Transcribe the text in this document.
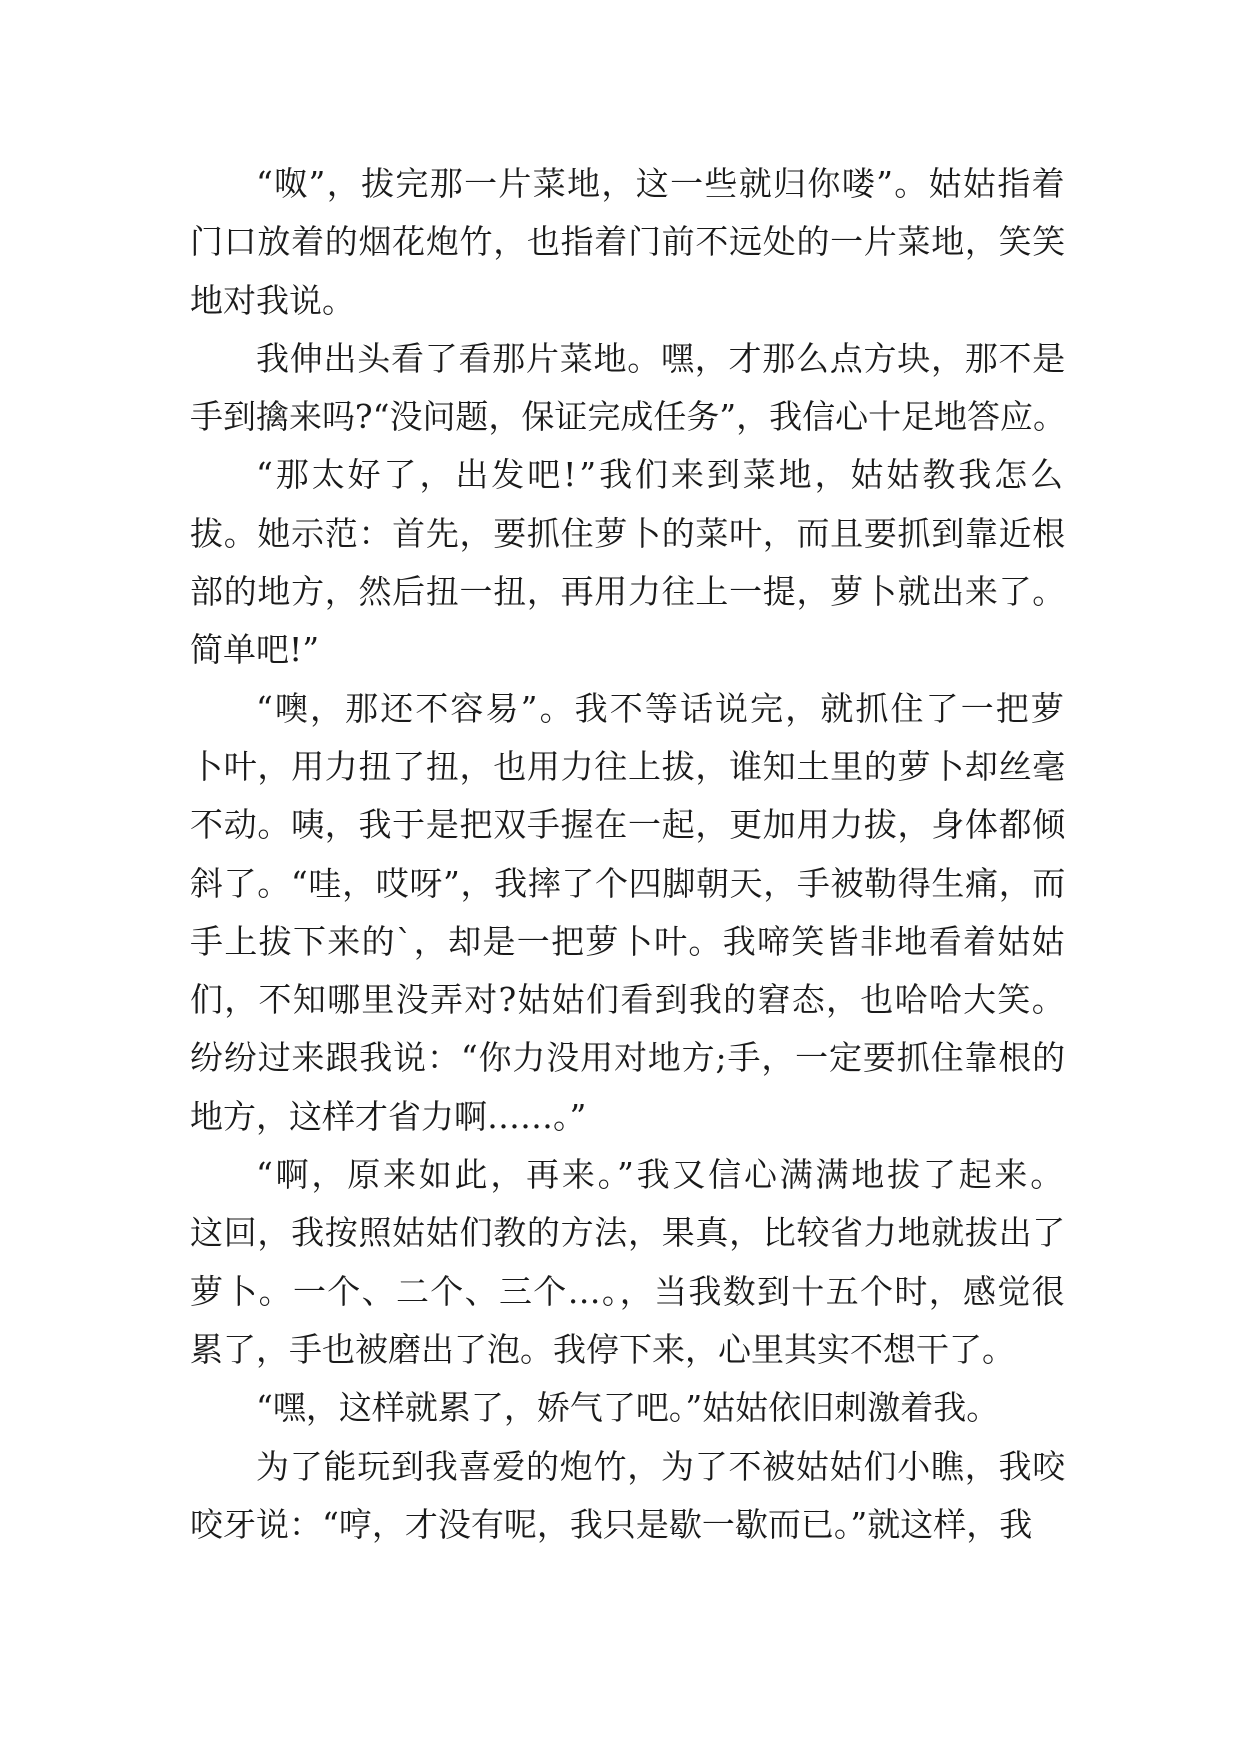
“呶”，拔完那一片菜地，这一些就归你喽”。姑姑指着
门口放着的烟花炮竹，也指着门前不远处的一片菜地，笑笑
地对我说。
我伸出头看了看那片菜地。嘿，才那么点方块，那不是
手到擒来吗?“没问题，保证完成任务”，我信心十足地答应。
“那太好了，出发吧!”我们来到菜地，姑姑教我怎么
拔。她示范：首先，要抓住萝卜的菜叶，而且要抓到靠近根
部的地方，然后扭一扭，再用力往上一提，萝卜就出来了。
简单吧!”
“噢，那还不容易”。我不等话说完，就抓住了一把萝
卜叶，用力扭了扭，也用力往上拔，谁知土里的萝卜却丝毫
不动。咦，我于是把双手握在一起，更加用力拔，身体都倾
斜了。“哇，哎呀”，我摔了个四脚朝天，手被勒得生痛，而
手上拔下来的`，却是一把萝卜叶。我啼笑皆非地看着姑姑
们，不知哪里没弄对?姑姑们看到我的窘态，也哈哈大笑。
纷纷过来跟我说：“你力没用对地方;手，一定要抓住靠根的
地方，这样才省力啊……。”
“啊，原来如此，再来。”我又信心满满地拔了起来。
这回，我按照姑姑们教的方法，果真，比较省力地就拔出了
萝卜。一个、二个、三个…。，当我数到十五个时，感觉很
累了，手也被磨出了泡。我停下来，心里其实不想干了。
“嘿，这样就累了，娇气了吧。”姑姑依旧刺激着我。
为了能玩到我喜爱的炮竹，为了不被姑姑们小瞧，我咬
咬牙说：“哼，才没有呢，我只是歇一歇而已。”就这样，我
